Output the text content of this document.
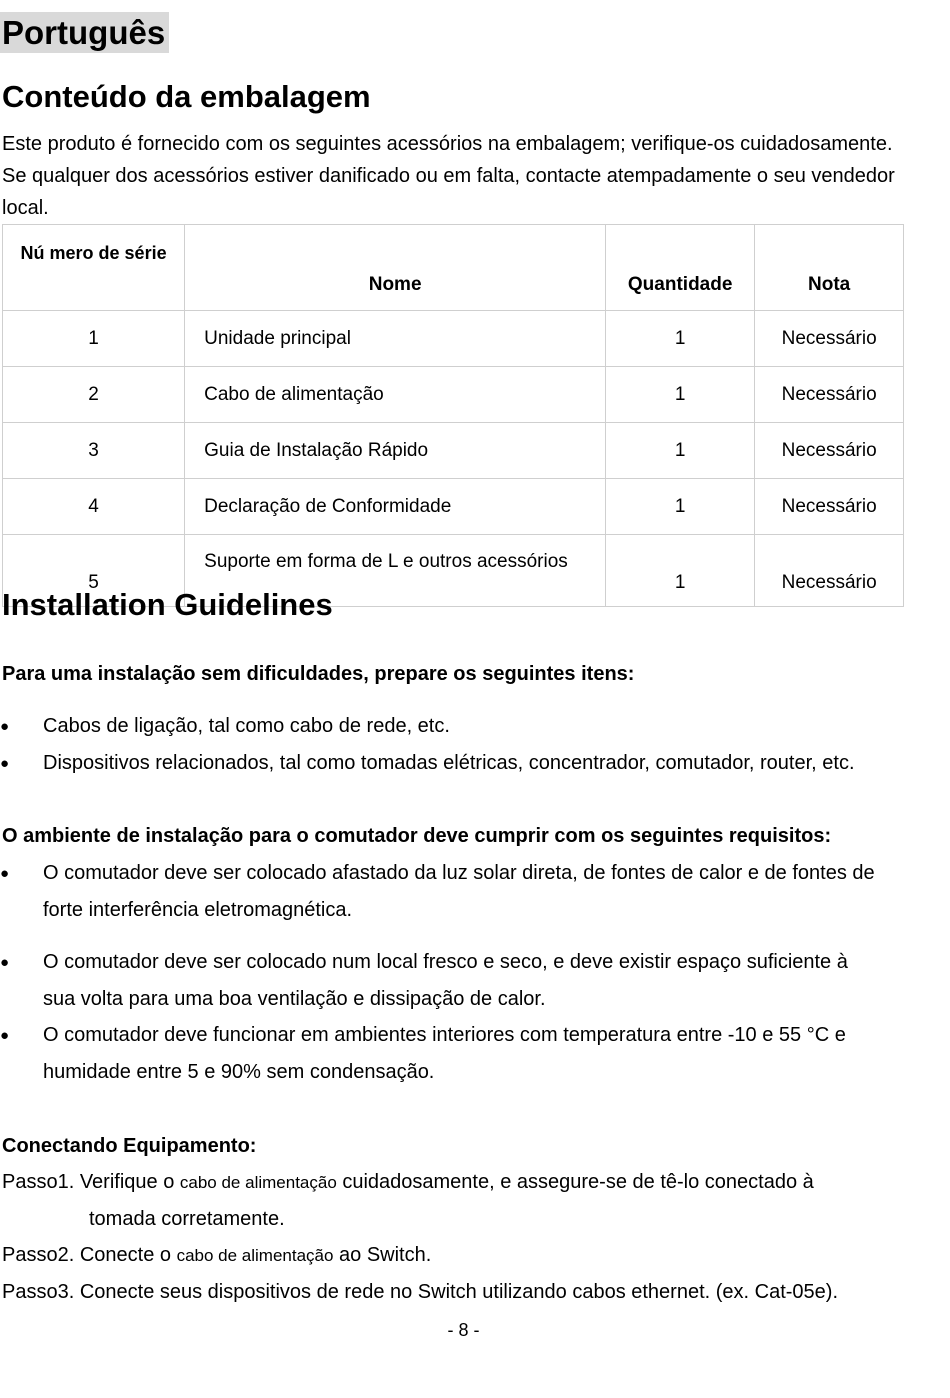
Português
Conteúdo da embalagem
Este produto é fornecido com os seguintes acessórios na embalagem; verifique-os cuidadosamente. Se qualquer dos acessórios estiver danificado ou em falta, contacte atempadamente o seu vendedor local.
Nú mero de série	Nome	Quantidade	Nota
1	Unidade principal	1	Necessário
2	Cabo de alimentação	1	Necessário
3	Guia de Instalação Rápido	1	Necessário
4	Declaração de Conformidade	1	Necessário
5	Suporte em forma de L e outros acessórios	1	Necessário
Installation Guidelines
Para uma instalação sem dificuldades, prepare os seguintes itens:
●	Cabos de ligação, tal como cabo de rede, etc.
●	Dispositivos relacionados, tal como tomadas elétricas, concentrador, comutador, router, etc.
O ambiente de instalação para o comutador deve cumprir com os seguintes requisitos:
●	O comutador deve ser colocado afastado da luz solar direta, de fontes de calor e de fontes de
forte interferência eletromagnética.
●	O comutador deve ser colocado num local fresco e seco, e deve existir espaço suficiente à
sua volta para uma boa ventilação e dissipação de calor.
●	O comutador deve funcionar em ambientes interiores com temperatura entre -10 e 55 °C e
humidade entre 5 e 90% sem condensação.
Conectando Equipamento:
Passo1. Verifique o cabo de alimentação cuidadosamente, e assegure-se de tê-lo conectado à
tomada corretamente.
Passo2. Conecte o cabo de alimentação ao Switch.
Passo3. Conecte seus dispositivos de rede no Switch utilizando cabos ethernet. (ex. Cat-05e).
- 8 -
